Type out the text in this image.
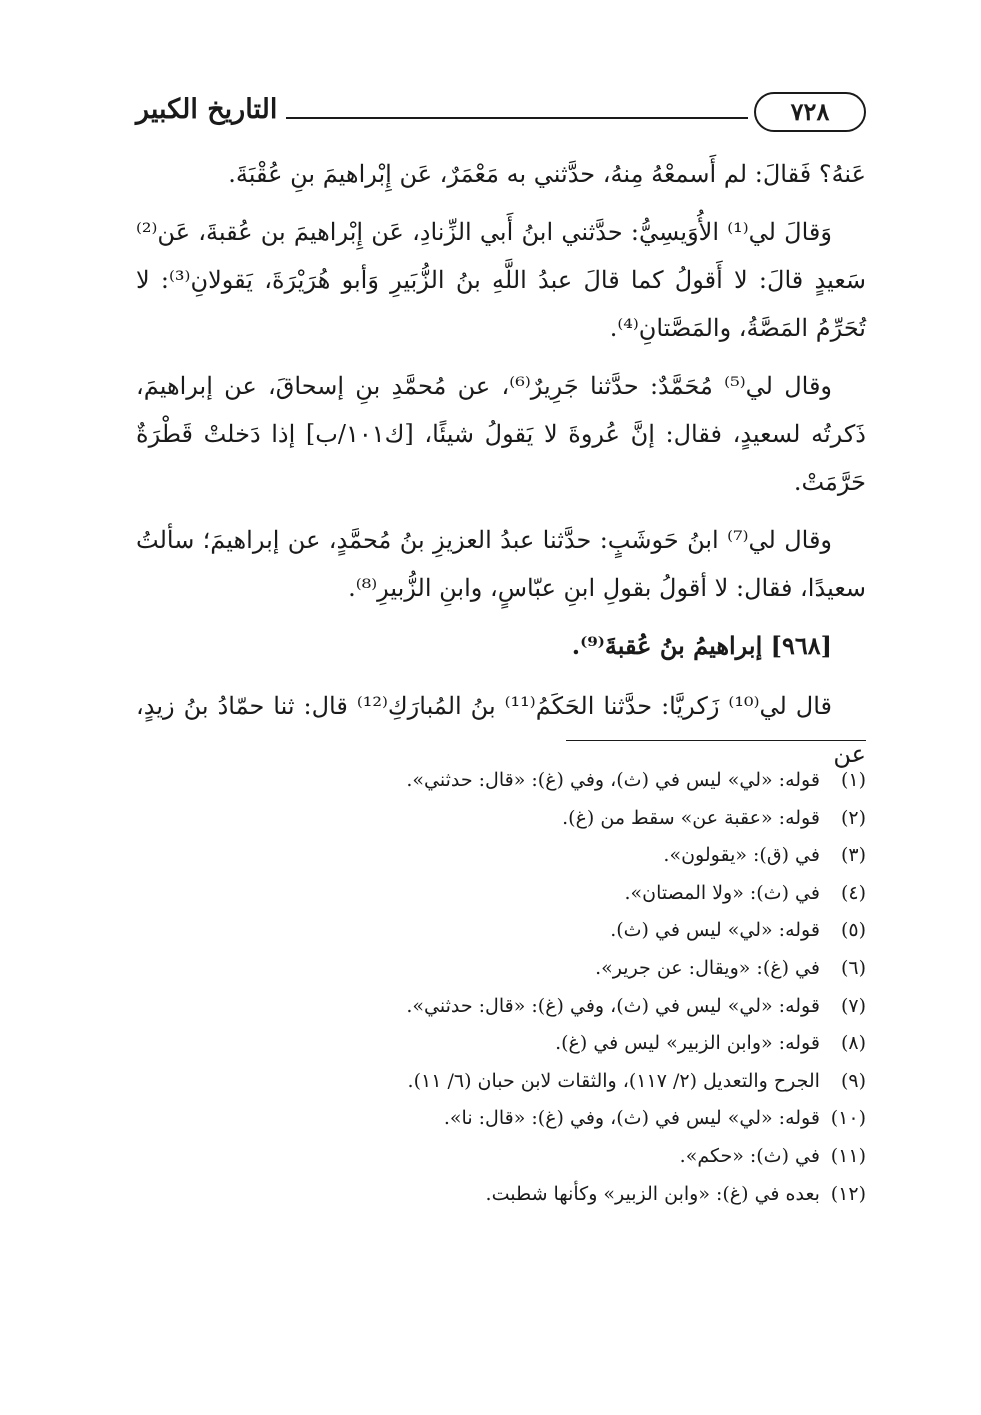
التاريخ الكبير	٧٢٨

عَنهُ؟ فَقالَ: لم أَسمعْهُ مِنهُ، حدَّثني به مَعْمَرٌ، عَن إِبْراهيمَ بنِ عُقْبَةَ.

وَقالَ لي⁽¹⁾ الأُوَيسِيُّ: حدَّثني ابنُ أَبي الزِّنادِ، عَن إِبْراهيمَ بن عُقبةَ، عَن⁽²⁾ سَعيدٍ قالَ: لا أَقولُ كما قالَ عبدُ اللَّهِ بنُ الزُّبَيرِ وَأبو هُرَيْرَةَ، يَقولانِ⁽³⁾: لا تُحَرِّمُ المَصَّةُ، والمَصَّتانِ⁽⁴⁾.

وقال لي⁽⁵⁾ مُحَمَّدٌ: حدَّثنا جَرِيرٌ⁽⁶⁾، عن مُحمَّدِ بنِ إسحاقَ، عن إبراهيمَ، ذَكرتُه لسعيدٍ، فقال: إنَّ عُروةَ لا يَقولُ شيئًا، [ك١٠١/ب] إذا دَخلتْ قَطْرَةٌ حَرَّمَتْ.

وقال لي⁽⁷⁾ ابنُ حَوشَبٍ: حدَّثنا عبدُ العزيزِ بنُ مُحمَّدٍ، عن إبراهيمَ؛ سألتُ سعيدًا، فقال: لا أقولُ بقولِ ابنِ عبّاسٍ، وابنِ الزُّبيرِ⁽⁸⁾.

[٩٦٨] إبراهيمُ بنُ عُقبةَ⁽⁹⁾.

قال لي⁽¹⁰⁾ زَكريَّا: حدَّثنا الحَكَمُ⁽¹¹⁾ بنُ المُبارَكِ⁽¹²⁾ قال: ثنا حمّادُ بنُ زيدٍ، عن

(١) قوله: «لي» ليس في (ث)، وفي (غ): «قال: حدثني».
(٢) قوله: «عقبة عن» سقط من (غ).
(٣) في (ق): «يقولون».
(٤) في (ث): «ولا المصتان».
(٥) قوله: «لي» ليس في (ث).
(٦) في (غ): «ويقال: عن جرير».
(٧) قوله: «لي» ليس في (ث)، وفي (غ): «قال: حدثني».
(٨) قوله: «وابن الزبير» ليس في (غ).
(٩) الجرح والتعديل (٢/ ١١٧)، والثقات لابن حبان (٦/ ١١).
(١٠) قوله: «لي» ليس في (ث)، وفي (غ): «قال: نا».
(١١) في (ث): «حكم».
(١٢) بعده في (غ): «وابن الزبير» وكأنها شطبت.
